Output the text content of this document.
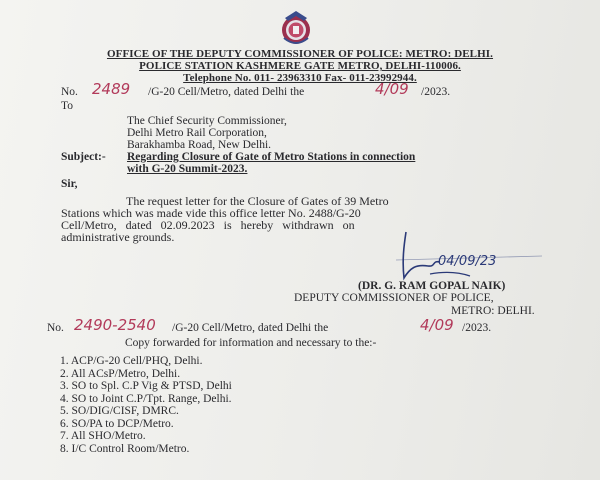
OFFICE OF THE DEPUTY COMMISSIONER OF POLICE: METRO: DELHI.
POLICE STATION KASHMERE GATE METRO, DELHI-110006.
Telephone No. 011- 23963310 Fax- 011-23992944.
No. 2489 /G-20 Cell/Metro, dated Delhi the	4/09 /2023.
To
The Chief Security Commissioner,
Delhi Metro Rail Corporation,
Barakhamba Road, New Delhi.
Subject:- Regarding Closure of Gate of Metro Stations in connection
with G-20 Summit-2023.
Sir,
The request letter for the Closure of Gates of 39 Metro
Stations which was made vide this office letter No. 2488/G-20
Cell/Metro, dated 02.09.2023 is hereby withdrawn on
administrative grounds.
04/09/23
(DR. G. RAM GOPAL NAIK)
DEPUTY COMMISSIONER OF POLICE,
METRO: DELHI.
No. 2490-2540 /G-20 Cell/Metro, dated Delhi the	4/09 /2023.
Copy forwarded for information and necessary to the:-
1. ACP/G-20 Cell/PHQ, Delhi.
2. All ACsP/Metro, Delhi.
3. SO to Spl. C.P Vig & PTSD, Delhi
4. SO to Joint C.P/Tpt. Range, Delhi.
5. SO/DIG/CISF, DMRC.
6. SO/PA to DCP/Metro.
7. All SHO/Metro.
8. I/C Control Room/Metro.
